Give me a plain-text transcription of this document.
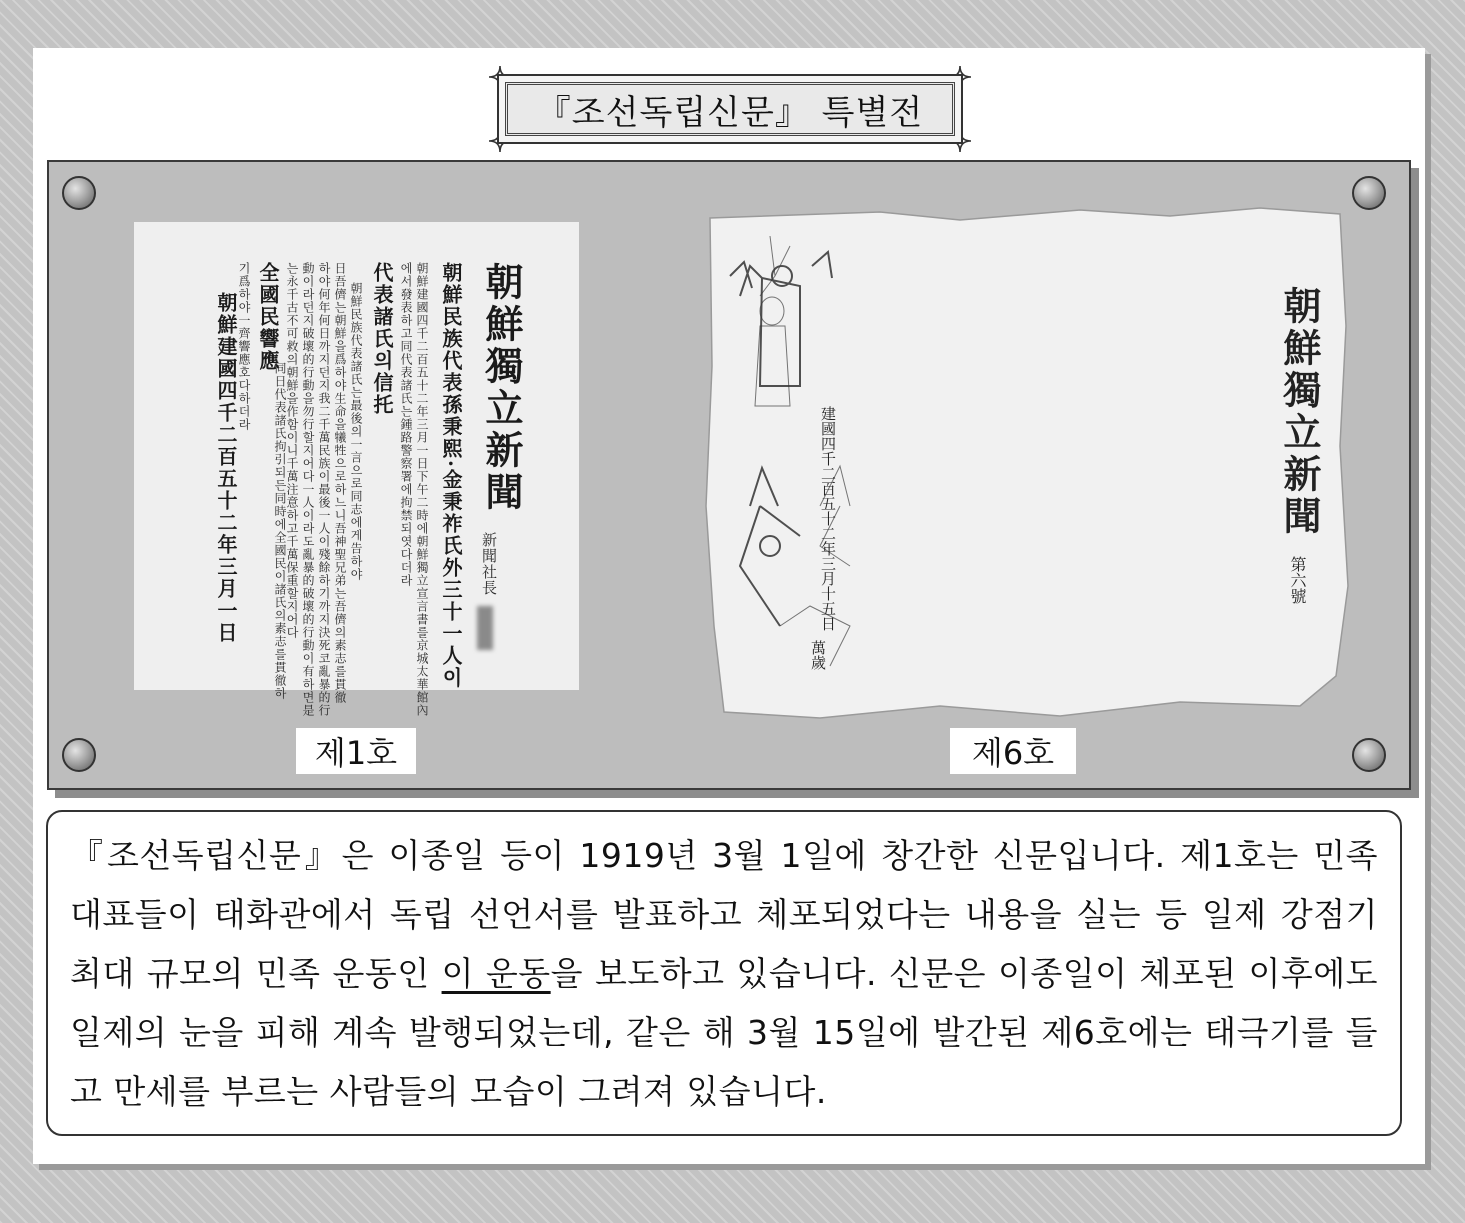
『조선독립신문』 특별전
朝鮮獨立新聞
新聞社長
朝鮮民族代表孫秉熙·金秉祚氏外三十一人이
朝鮮建國四千二百五十二年三月一日下午二時에朝鮮獨立宣言書를京城太華館內
에서發表하고同代表諸氏는鍾路警察署에拘禁되엿다더라
代表諸氏의信托
朝鮮民族代表諸氏는最後의一言으로同志에게告하야
日吾儕는朝鮮을爲하야生命을犧牲으로하느니吾神聖兄弟는吾儕의素志를貫徹
하야何年何日까지던지我二千萬民族이最後一人이殘餘하기까지決死코亂暴的行
動이라던지破壞的行動을勿行할지어다一人이라도亂暴的破壞的行動이有하면是
는永千古不可救의朝鮮을作함이니千萬注意하고千萬保重할지어다
全國民響應
同日代表諸氏拘引되든同時에全國民이諸氏의素志를貫徹하
기爲하야一齊響應호다하더라
朝鮮建國四千二百五十二年三月一日	朝鮮獨立新聞
第六號
建國四千二百五十二年三月十五日
萬歲
제1호	제6호

『조선독립신문』은 이종일 등이 1919년 3월 1일에 창간한 신문입니다. 제1호는 민족 대표들이 태화관에서 독립 선언서를 발표하고 체포되었다는 내용을 실는 등 일제 강점기 최대 규모의 민족 운동인 이 운동을 보도하고 있습니다. 신문은 이종일이 체포된 이후에도 일제의 눈을 피해 계속 발행되었는데, 같은 해 3월 15일에 발간된 제6호에는 태극기를 들고 만세를 부르는 사람들의 모습이 그려져 있습니다.
